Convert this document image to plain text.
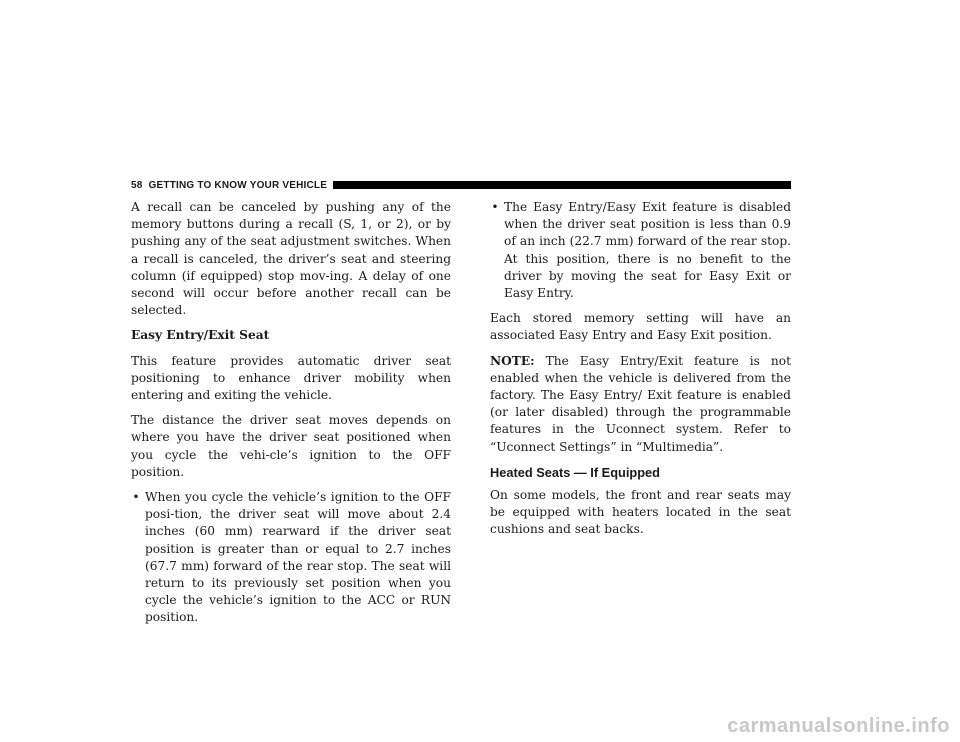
58 GETTING TO KNOW YOUR VEHICLE

A recall can be canceled by pushing any of the memory buttons during a recall (S, 1, or 2), or by pushing any of the seat adjustment switches. When a recall is canceled, the driver’s seat and steering column (if equipped) stop mov-ing. A delay of one second will occur before another recall can be selected.

Easy Entry/Exit Seat

This feature provides automatic driver seat positioning to enhance driver mobility when entering and exiting the vehicle.

The distance the driver seat moves depends on where you have the driver seat positioned when you cycle the vehi-cle’s ignition to the OFF position.

• When you cycle the vehicle’s ignition to the OFF posi-tion, the driver seat will move about 2.4 inches (60 mm) rearward if the driver seat position is greater than or equal to 2.7 inches (67.7 mm) forward of the rear stop. The seat will return to its previously set position when you cycle the vehicle’s ignition to the ACC or RUN position.
• The Easy Entry/Easy Exit feature is disabled when the driver seat position is less than 0.9 of an inch (22.7 mm) forward of the rear stop. At this position, there is no benefit to the driver by moving the seat for Easy Exit or Easy Entry.

Each stored memory setting will have an associated Easy Entry and Easy Exit position.

NOTE: The Easy Entry/Exit feature is not enabled when the vehicle is delivered from the factory. The Easy Entry/ Exit feature is enabled (or later disabled) through the programmable features in the Uconnect system. Refer to “Uconnect Settings” in “Multimedia”.

Heated Seats — If Equipped

On some models, the front and rear seats may be equipped with heaters located in the seat cushions and seat backs.

carmanualsonline.info
